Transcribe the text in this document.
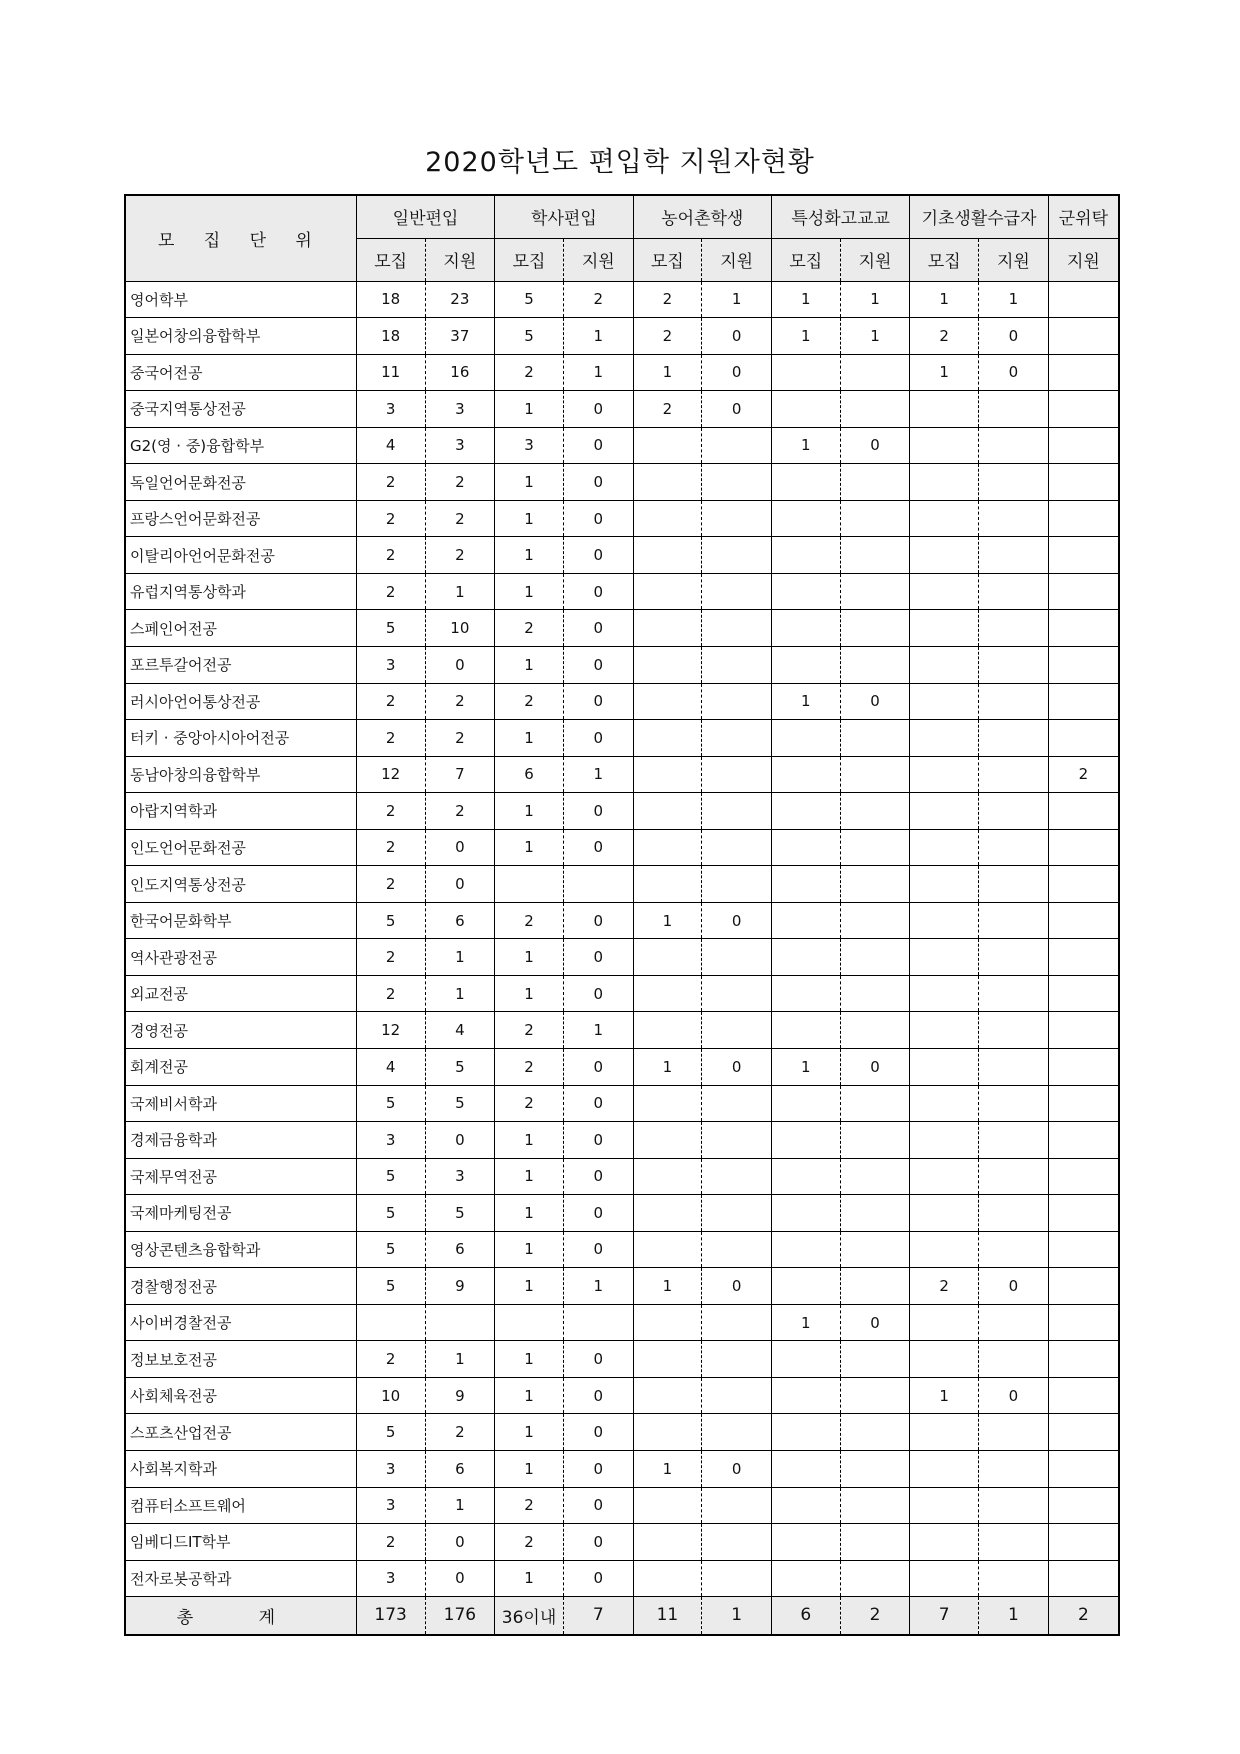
2020학년도 편입학 지원자현황
모 집 단 위	일반편입		학사편입		농어촌학생		특성화고교교		기초생활수급자		군위탁
	모집	지원	모집	지원	모집	지원	모집	지원	모집	지원	지원
영어학부	18	23	5	2	2	1	1	1	1	1	
일본어창의융합학부	18	37	5	1	2	0	1	1	2	0	
중국어전공	11	16	2	1	1	0			1	0	
중국지역통상전공	3	3	1	0	2	0					
G2(영 · 중)융합학부	4	3	3	0			1	0			
독일언어문화전공	2	2	1	0							
프랑스언어문화전공	2	2	1	0							
이탈리아언어문화전공	2	2	1	0							
유럽지역통상학과	2	1	1	0							
스페인어전공	5	10	2	0							
포르투갈어전공	3	0	1	0							
러시아언어통상전공	2	2	2	0			1	0			
터키 · 중앙아시아어전공	2	2	1	0							
동남아창의융합학부	12	7	6	1							2
아랍지역학과	2	2	1	0							
인도언어문화전공	2	0	1	0							
인도지역통상전공	2	0									
한국어문화학부	5	6	2	0	1	0					
역사관광전공	2	1	1	0							
외교전공	2	1	1	0							
경영전공	12	4	2	1							
회계전공	4	5	2	0	1	0	1	0			
국제비서학과	5	5	2	0							
경제금융학과	3	0	1	0							
국제무역전공	5	3	1	0							
국제마케팅전공	5	5	1	0							
영상콘텐츠융합학과	5	6	1	0							
경찰행정전공	5	9	1	1	1	0			2	0	
사이버경찰전공							1	0			
정보보호전공	2	1	1	0							
사회체육전공	10	9	1	0					1	0	
스포츠산업전공	5	2	1	0							
사회복지학과	3	6	1	0	1	0					
컴퓨터소프트웨어	3	1	2	0							
임베디드IT학부	2	0	2	0							
전자로봇공학과	3	0	1	0							
총 계	173	176	36이내	7	11	1	6	2	7	1	2
